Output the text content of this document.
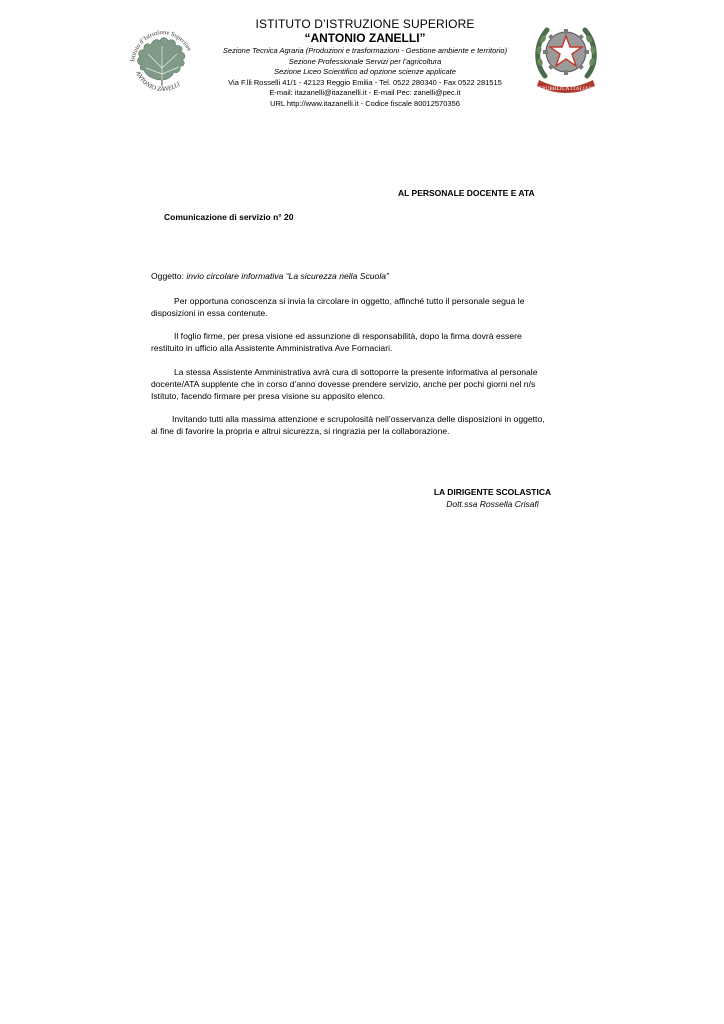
Istituto d’Istruzione Superiore
ANTONIO ZANELLI
ISTITUTO D’ISTRUZIONE SUPERIORE
“ANTONIO ZANELLI”
Sezione Tecnica Agraria (Produzioni e trasformazioni - Gestione ambiente e territorio)
Sezione Professionale Servizi per l’agricoltura
Sezione Liceo Scientifico ad opzione scienze applicate
Via F.lli Rosselli 41/1 - 42123 Reggio Emilia - Tel. 0522 280340 - Fax 0522 281515
E-mail: itazanelli@itazanelli.it - E-mail Pec: zanelli@pec.it
URL http://www.itazanelli.it - Codice fiscale 80012570356
REPUBBLICA ITALIANA
AL PERSONALE DOCENTE E ATA
Comunicazione di servizio n° 20
Oggetto: invio circolare informativa “La sicurezza nella Scuola”
Per opportuna conoscenza si invia la circolare in oggetto, affinché tutto il personale segua le disposizioni in essa contenute.
Il foglio firme, per presa visione ed assunzione di responsabilità, dopo la firma dovrà essere restituito in ufficio alla Assistente Amministrativa Ave Fornaciari.
La stessa Assistente Amministrativa avrà cura di sottoporre la presente informativa al personale docente/ATA supplente che in corso d’anno dovesse prendere servizio, anche per pochi giorni nel n/s Istituto, facendo firmare per presa visione su apposito elenco.
Invitando tutti alla massima attenzione e scrupolosità nell’osservanza delle disposizioni in oggetto, al fine di favorire la propria e altrui sicurezza, si ringrazia per la collaborazione.
LA DIRIGENTE SCOLASTICA
Dott.ssa Rossella Crisafi
